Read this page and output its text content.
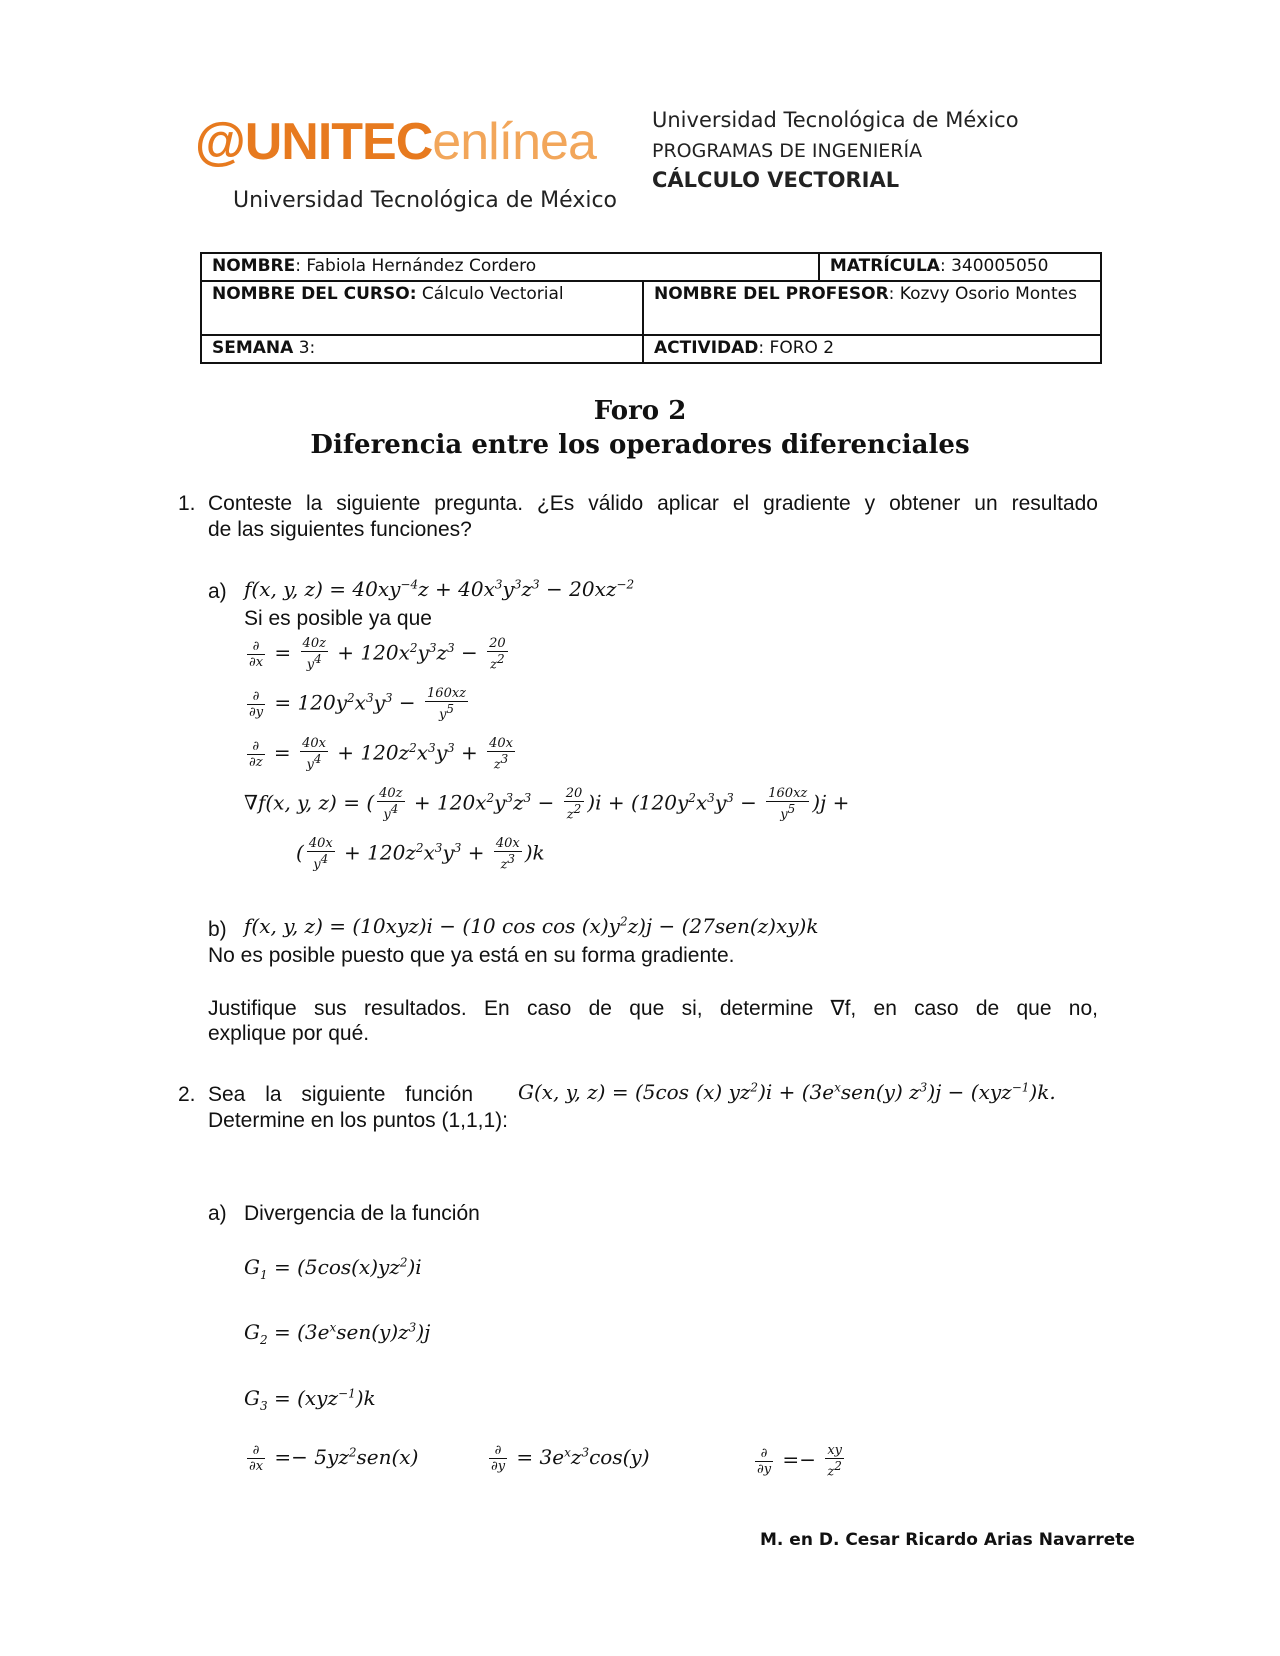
@UNITECenlínea
Universidad Tecnológica de México
Universidad Tecnológica de México
PROGRAMAS DE INGENIERÍA
CÁLCULO VECTORIAL
NOMBRE: Fabiola Hernández Cordero		MATRÍCULA: 340005050
NOMBRE DEL CURSO: Cálculo Vectorial	NOMBRE DEL PROFESOR: Kozvy Osorio Montes	
SEMANA 3:	ACTIVIDAD: FORO 2	
Foro 2
Diferencia entre los operadores diferenciales
1. Conteste la siguiente pregunta. ¿Es válido aplicar el gradiente y obtener un resultado
de las siguientes funciones?
a) f(x, y, $z) = 40xy^{-4}z + 40x^3y^3z^3 - 20xz^{-2}$
Si es posible ya que
$\frac{\partial}{\partial x} = \frac{40z}{y^4} + 120x^2y^3z^3 - \frac{20}{z^2}$
$\frac{\partial}{\partial y} = 120y^2x^3y^3 - \frac{160xz}{y^5}$
$\frac{\partial}{\partial z} = \frac{40x}{y^4} + 120z^2x^3y^3 + \frac{40x}{z^3}$
∇f(x, y, z) = ( $\frac{40z}{y^4} + 120x^2y^3z^3 - \frac{20}{z^2} )i + (120y^2x^3y^3 - \frac{160xz}{y^5} )j$ +
( $\frac{40x}{y^4} + 120z^2x^3y^3 + \frac{40x}{z^3} )k$
b) f(x, y, z) = (10xyz)i − (10 $\cos \cos (x)y^2z)j - (27sen(z)xy)k$
No es posible puesto que ya está en su forma gradiente.
Justifique sus resultados. En caso de que si, determine ∇f, en caso de que no,
explique por qué.
2. Sea la siguiente función G(x, y, z) = (5cos (x) $yz^2)i + (3e^xsen(y) z^3)j - (xyz^{-1})k$.
Determine en los puntos (1,1,1):
a) Divergencia de la función
$G_1 = (5\cos(x)yz^2)i$
$G_2 = (3e^xsen(y)z^3)j$
$G_3 = (xyz^{-1})k$
$\frac{\partial}{\partial x} =- 5yz^2sen(x)$	$\frac{\partial}{\partial y} = 3e^xz^3\cos(y)$	$\frac{\partial}{\partial y} =- \frac{xy}{z^2}$
M. en D. Cesar Ricardo Arias Navarrete
